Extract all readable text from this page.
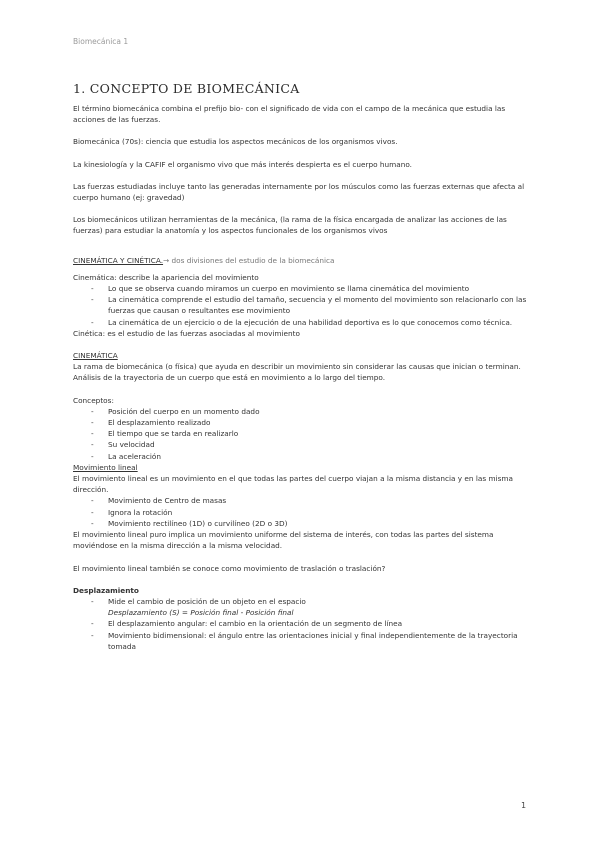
Biomecánica 1
1. CONCEPTO DE BIOMECÁNICA

El término biomecánica combina el prefijo bio- con el significado de vida con el campo de la mecánica que estudia las acciones de las fuerzas.

Biomecánica (70s): ciencia que estudia los aspectos mecánicos de los organismos vivos.

La kinesiología y la CAFIF el organismo vivo que más interés despierta es el cuerpo humano.

Las fuerzas estudiadas incluye tanto las generadas internamente por los músculos como las fuerzas externas que afecta al cuerpo humano (ej: gravedad)

Los biomecánicos utilizan herramientas de la mecánica, (la rama de la física encargada de analizar las acciones de las fuerzas) para estudiar la anatomía y los aspectos funcionales de los organismos vivos

CINEMÁTICA Y CINÉTICA.→ dos divisiones del estudio de la biomecánica

Cinemática: describe la apariencia del movimiento

- Lo que se observa cuando miramos un cuerpo en movimiento se llama cinemática del movimiento
- La cinemática comprende el estudio del tamaño, secuencia y el momento del movimiento son relacionarlo con las fuerzas que causan o resultantes ese movimiento
- La cinemática de un ejercicio o de la ejecución de una habilidad deportiva es lo que conocemos como técnica.

Cinética: es el estudio de las fuerzas asociadas al movimiento

CINEMÁTICA

La rama de biomecánica (o física) que ayuda en describir un movimiento sin considerar las causas que inician o terminan. Análisis de la trayectoria de un cuerpo que está en movimiento a lo largo del tiempo.

Conceptos:

- Posición del cuerpo en un momento dado
- El desplazamiento realizado
- El tiempo que se tarda en realizarlo
- Su velocidad
- La aceleración

Movimiento lineal

El movimiento lineal es un movimiento en el que todas las partes del cuerpo viajan a la misma distancia y en las misma dirección.

- Movimiento de Centro de masas
- Ignora la rotación
- Movimiento rectilíneo (1D) o curvilíneo (2D o 3D)

El movimiento lineal puro implica un movimiento uniforme del sistema de interés, con todas las partes del sistema moviéndose en la misma dirección a la misma velocidad.

El movimiento lineal también se conoce como movimiento de traslación o traslación?

Desplazamiento

- Mide el cambio de posición de un objeto en el espacio
Desplazamiento (S) = Posición final - Posición final
- El desplazamiento angular: el cambio en la orientación de un segmento de línea
- Movimiento bidimensional: el ángulo entre las orientaciones inicial y final independientemente de la trayectoria tomada
1
